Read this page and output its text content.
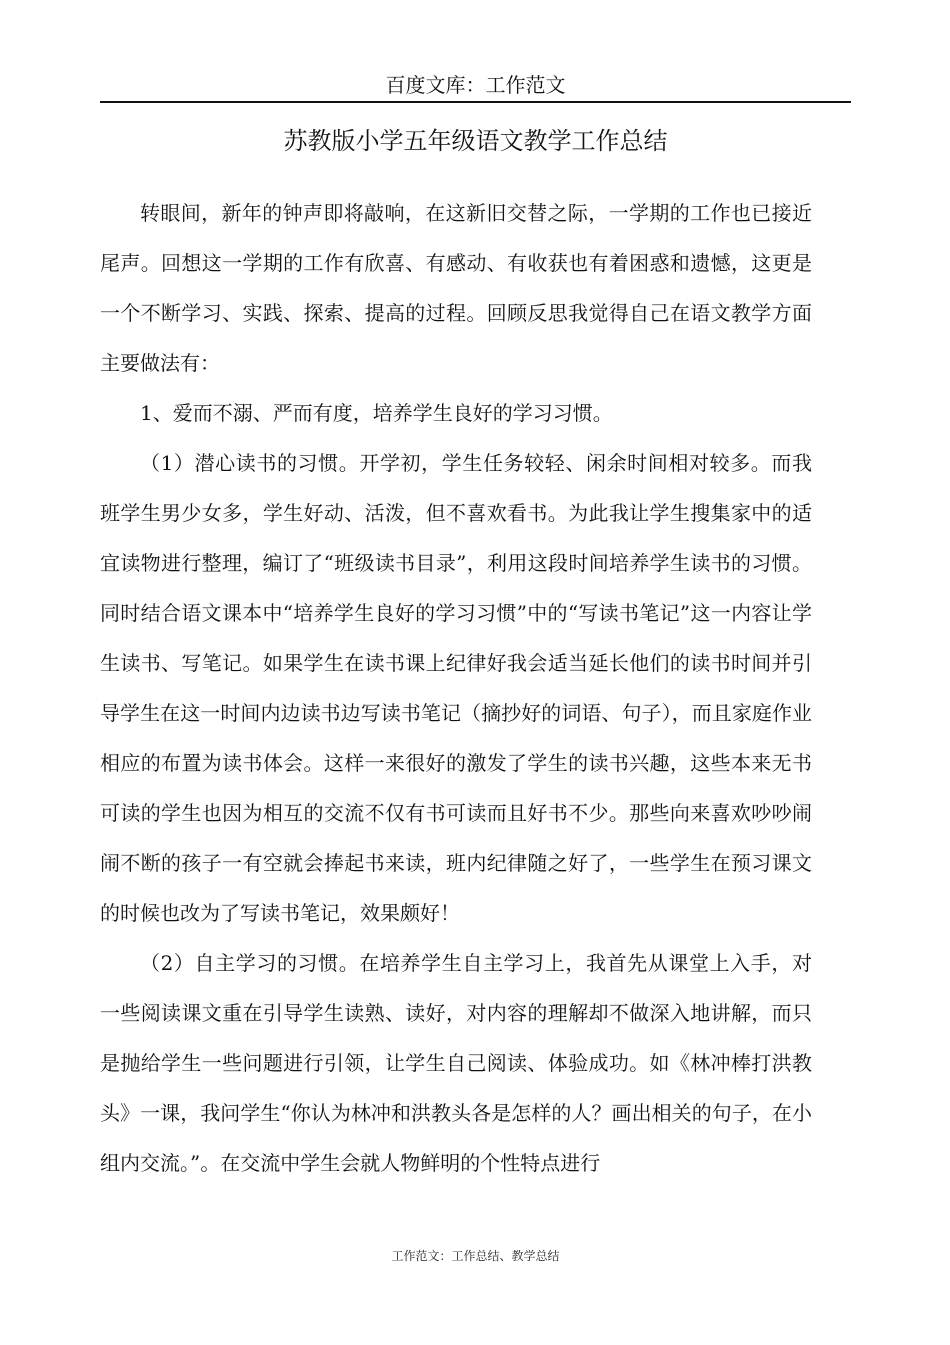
百度文库：工作范文
苏教版小学五年级语文教学工作总结

转眼间，新年的钟声即将敲响，在这新旧交替之际，一学期的工作也已接近尾声。回想这一学期的工作有欣喜、有感动、有收获也有着困惑和遗憾，这更是一个不断学习、实践、探索、提高的过程。回顾反思我觉得自己在语文教学方面主要做法有：

1、爱而不溺、严而有度，培养学生良好的学习习惯。

（1）潜心读书的习惯。开学初，学生任务较轻、闲余时间相对较多。而我班学生男少女多，学生好动、活泼，但不喜欢看书。为此我让学生搜集家中的适宜读物进行整理，编订了“班级读书目录”，利用这段时间培养学生读书的习惯。同时结合语文课本中“培养学生良好的学习习惯”中的“写读书笔记”这一内容让学生读书、写笔记。如果学生在读书课上纪律好我会适当延长他们的读书时间并引导学生在这一时间内边读书边写读书笔记（摘抄好的词语、句子），而且家庭作业相应的布置为读书体会。这样一来很好的激发了学生的读书兴趣，这些本来无书可读的学生也因为相互的交流不仅有书可读而且好书不少。那些向来喜欢吵吵闹闹不断的孩子一有空就会捧起书来读，班内纪律随之好了，一些学生在预习课文的时候也改为了写读书笔记，效果颇好！

（2）自主学习的习惯。在培养学生自主学习上，我首先从课堂上入手，对一些阅读课文重在引导学生读熟、读好，对内容的理解却不做深入地讲解，而只是抛给学生一些问题进行引领，让学生自己阅读、体验成功。如《林冲棒打洪教头》一课，我问学生“你认为林冲和洪教头各是怎样的人？画出相关的句子，在小组内交流。”。在交流中学生会就人物鲜明的个性特点进行

工作范文：工作总结、教学总结
